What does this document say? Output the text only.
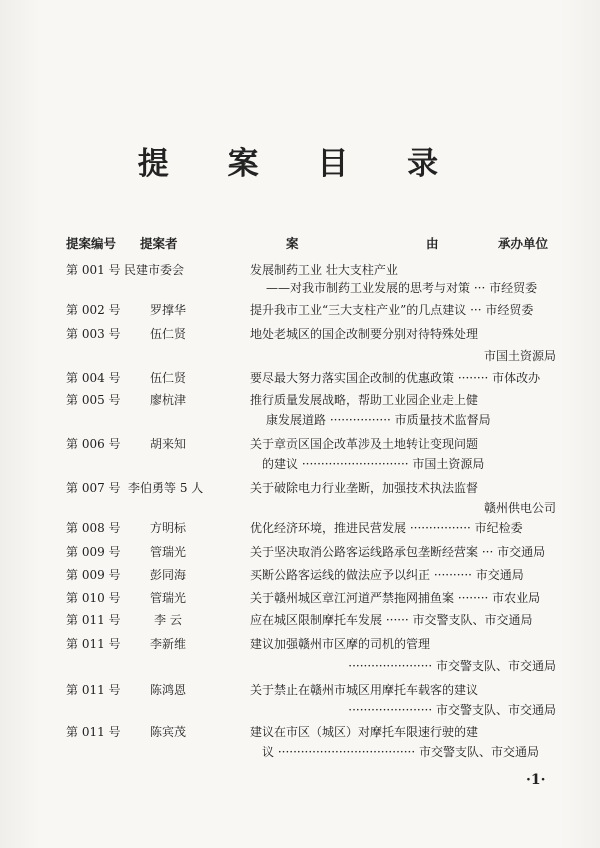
提 案 目 录
提案编号 提案者	案	由	承办单位
第 001 号 民建市委会	发展制药工业 壮大支柱产业
——对我市制药工业发展的思考与对策 ··· 市经贸委
第 002 号	罗撑华	提升我市工业“三大支柱产业”的几点建议 ··· 市经贸委
第 003 号	伍仁贤	地处老城区的国企改制要分别对待特殊处理
市国土资源局
第 004 号	伍仁贤	要尽最大努力落实国企改制的优惠政策 ········ 市体改办
第 005 号	廖杭津	推行质量发展战略，帮助工业园企业走上健
康发展道路 ················ 市质量技术监督局
第 006 号	胡来知	关于章贡区国企改革涉及土地转让变现问题
的建议 ···························· 市国土资源局
第 007 号 李伯勇等 5 人	关于破除电力行业垄断，加强技术执法监督
赣州供电公司
第 008 号	方明标	优化经济环境，推进民营发展 ················ 市纪检委
第 009 号	管瑞光	关于坚决取消公路客运线路承包垄断经营案 ··· 市交通局
第 009 号	彭同海	买断公路客运线的做法应予以纠正 ·········· 市交通局
第 010 号	管瑞光	关于赣州城区章江河道严禁拖网捕鱼案 ········ 市农业局
第 011 号	李 云	应在城区限制摩托车发展 ······ 市交警支队、市交通局
第 011 号	李新维	建议加强赣州市区摩的司机的管理
······················ 市交警支队、市交通局
第 011 号	陈鸿恩	关于禁止在赣州市城区用摩托车载客的建议
······················ 市交警支队、市交通局
第 011 号	陈宾茂	建议在市区（城区）对摩托车限速行驶的建
议 ···································· 市交警支队、市交通局
·1·
